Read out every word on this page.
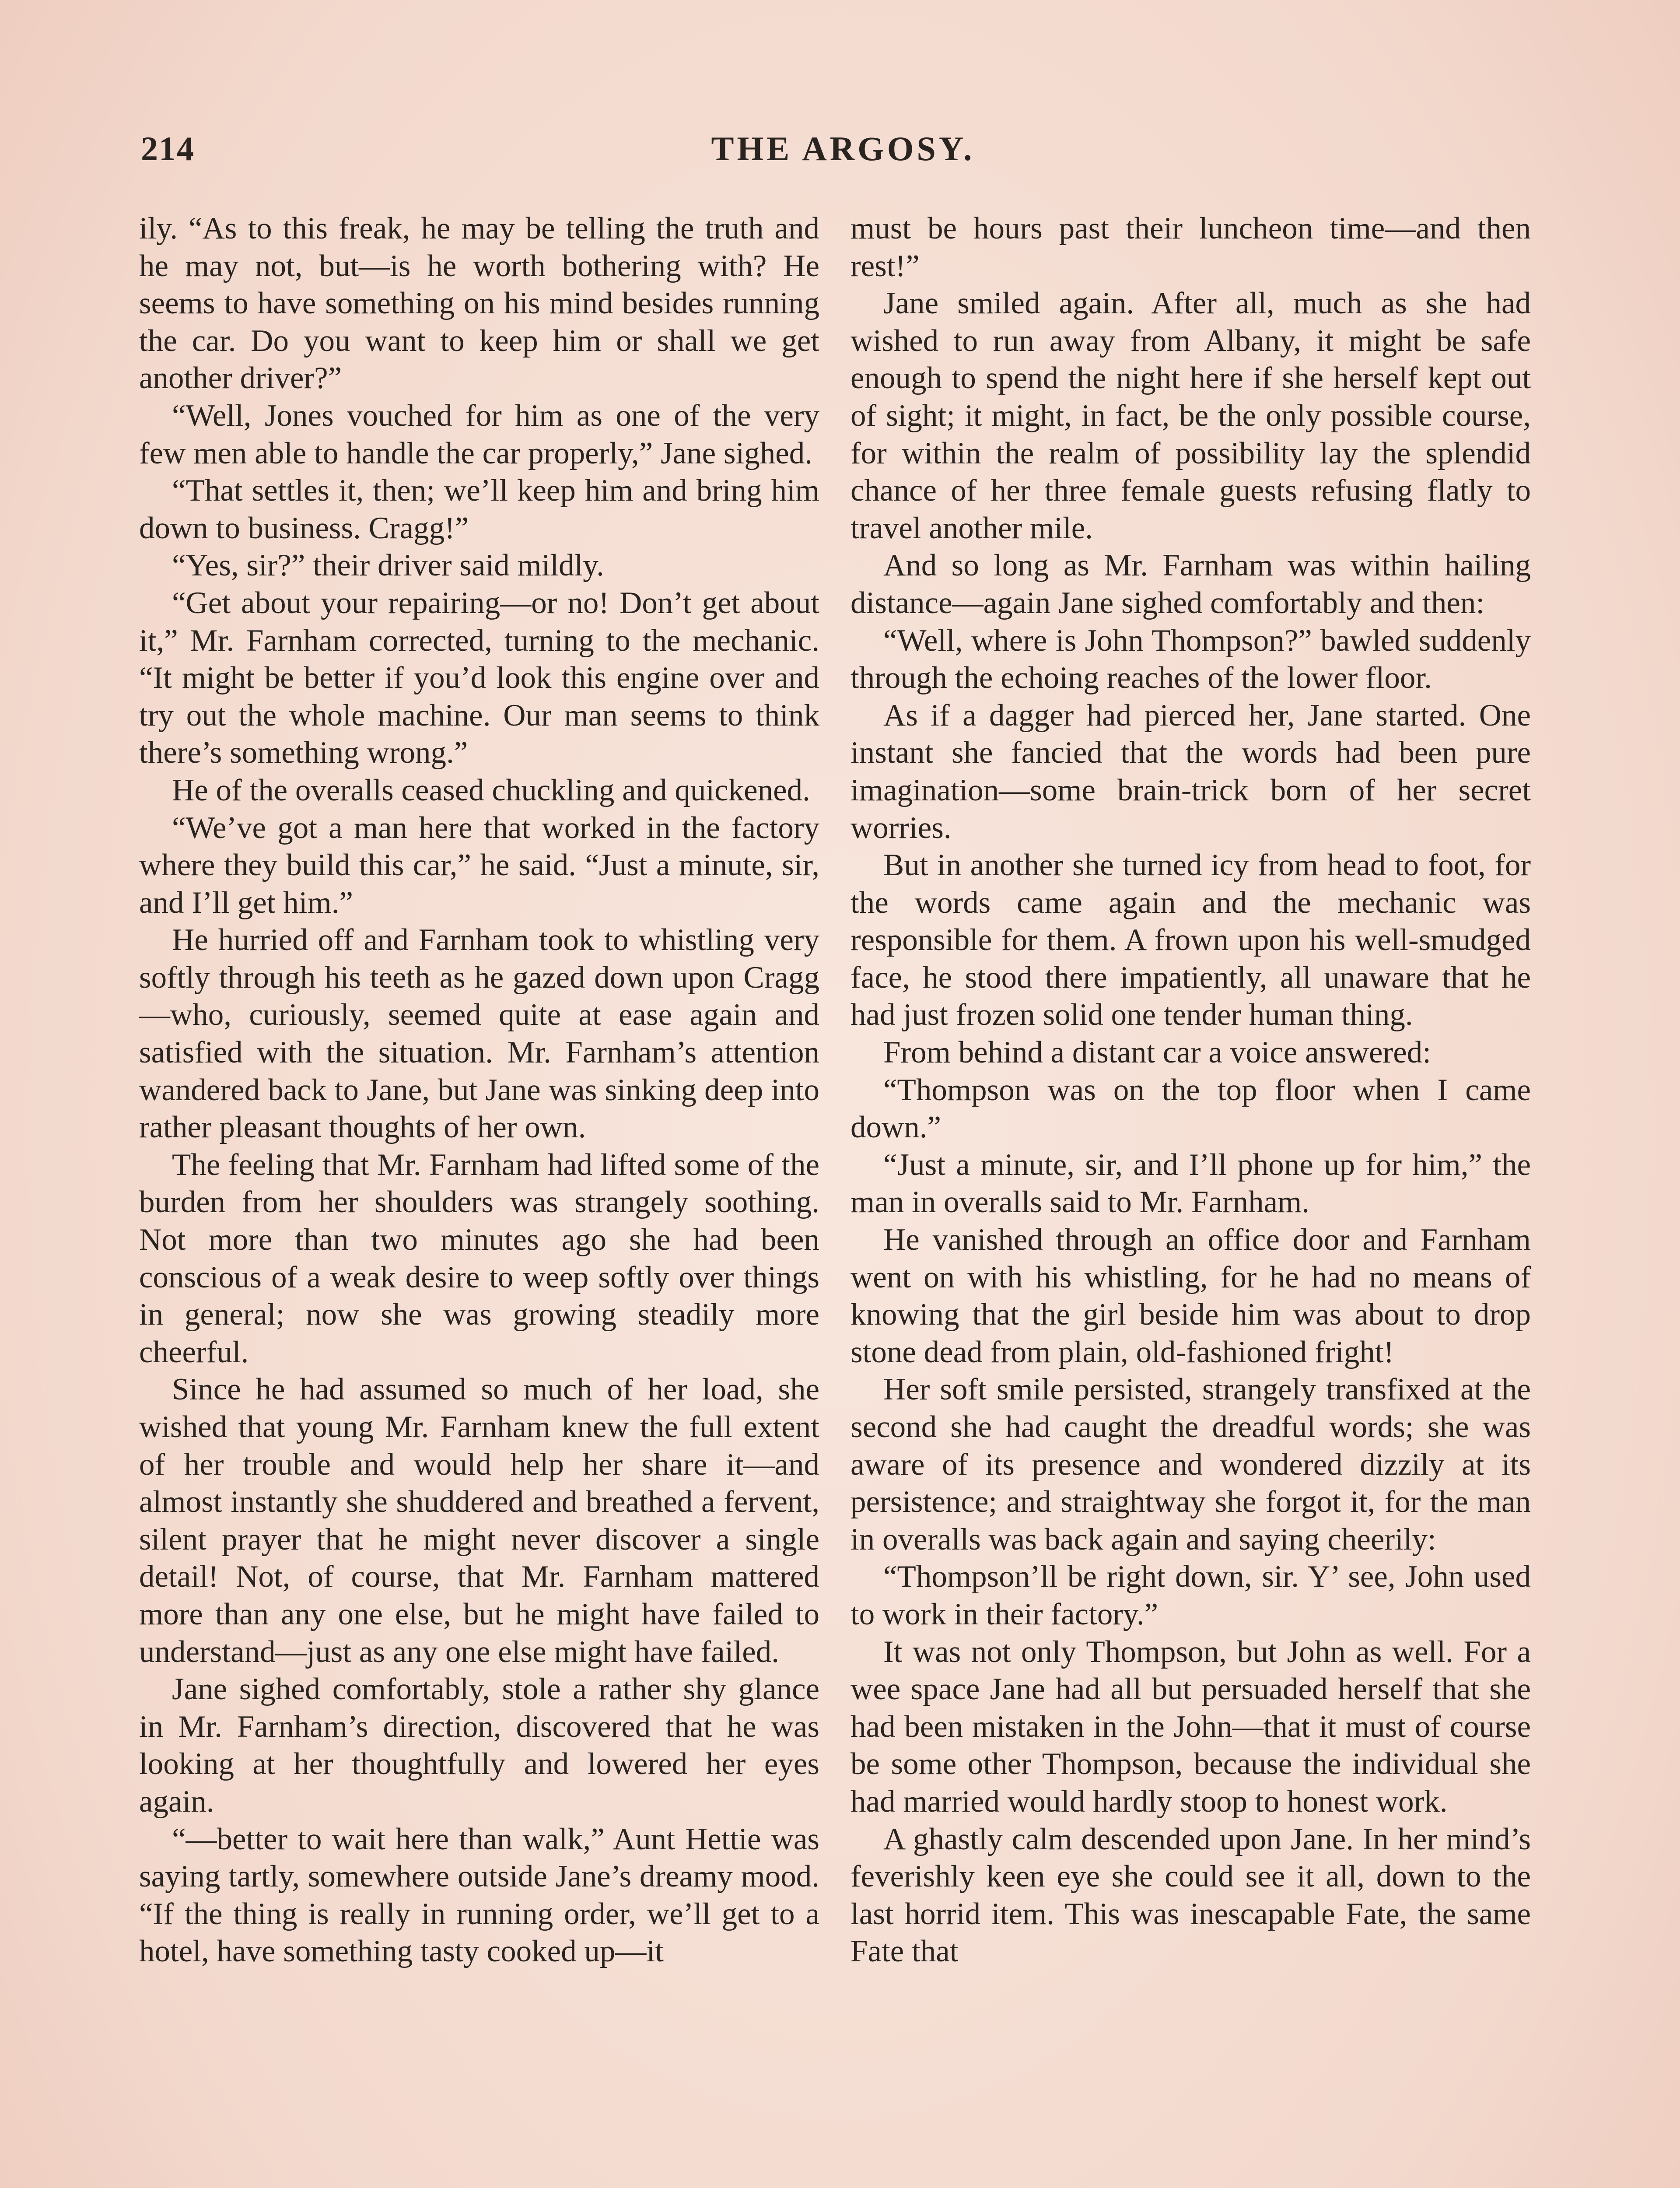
214	THE ARGOSY.

ily. “As to this freak, he may be telling the truth and he may not, but—is he worth bothering with? He seems to have something on his mind besides running the car. Do you want to keep him or shall we get another driver?”

“Well, Jones vouched for him as one of the very few men able to handle the car properly,” Jane sighed.

“That settles it, then; we’ll keep him and bring him down to business. Cragg!”

“Yes, sir?” their driver said mildly.

“Get about your repairing—or no! Don’t get about it,” Mr. Farnham corrected, turning to the mechanic. “It might be better if you’d look this engine over and try out the whole machine. Our man seems to think there’s something wrong.”

He of the overalls ceased chuckling and quickened.

“We’ve got a man here that worked in the factory where they build this car,” he said. “Just a minute, sir, and I’ll get him.”

He hurried off and Farnham took to whistling very softly through his teeth as he gazed down upon Cragg—who, curiously, seemed quite at ease again and satisfied with the situation. Mr. Farnham’s attention wandered back to Jane, but Jane was sinking deep into rather pleasant thoughts of her own.

The feeling that Mr. Farnham had lifted some of the burden from her shoulders was strangely soothing. Not more than two minutes ago she had been conscious of a weak desire to weep softly over things in general; now she was growing steadily more cheerful.

Since he had assumed so much of her load, she wished that young Mr. Farnham knew the full extent of her trouble and would help her share it—and almost instantly she shuddered and breathed a fervent, silent prayer that he might never discover a single detail! Not, of course, that Mr. Farnham mattered more than any one else, but he might have failed to understand—just as any one else might have failed.

Jane sighed comfortably, stole a rather shy glance in Mr. Farnham’s direction, discovered that he was looking at her thoughtfully and lowered her eyes again.

“—better to wait here than walk,” Aunt Hettie was saying tartly, somewhere outside Jane’s dreamy mood. “If the thing is really in running order, we’ll get to a hotel, have something tasty cooked up—it

must be hours past their luncheon time—and then rest!”

Jane smiled again. After all, much as she had wished to run away from Albany, it might be safe enough to spend the night here if she herself kept out of sight; it might, in fact, be the only possible course, for within the realm of possibility lay the splendid chance of her three female guests refusing flatly to travel another mile.

And so long as Mr. Farnham was within hailing distance—again Jane sighed comfortably and then:

“Well, where is John Thompson?” bawled suddenly through the echoing reaches of the lower floor.

As if a dagger had pierced her, Jane started. One instant she fancied that the words had been pure imagination—some brain-trick born of her secret worries.

But in another she turned icy from head to foot, for the words came again and the mechanic was responsible for them. A frown upon his well-smudged face, he stood there impatiently, all unaware that he had just frozen solid one tender human thing.

From behind a distant car a voice answered:

“Thompson was on the top floor when I came down.”

“Just a minute, sir, and I’ll phone up for him,” the man in overalls said to Mr. Farnham.

He vanished through an office door and Farnham went on with his whistling, for he had no means of knowing that the girl beside him was about to drop stone dead from plain, old-fashioned fright!

Her soft smile persisted, strangely transfixed at the second she had caught the dreadful words; she was aware of its presence and wondered dizzily at its persistence; and straightway she forgot it, for the man in overalls was back again and saying cheerily:

“Thompson’ll be right down, sir. Y’ see, John used to work in their factory.”

It was not only Thompson, but John as well. For a wee space Jane had all but persuaded herself that she had been mistaken in the John—that it must of course be some other Thompson, because the individual she had married would hardly stoop to honest work.

A ghastly calm descended upon Jane. In her mind’s feverishly keen eye she could see it all, down to the last horrid item. This was inescapable Fate, the same Fate that
